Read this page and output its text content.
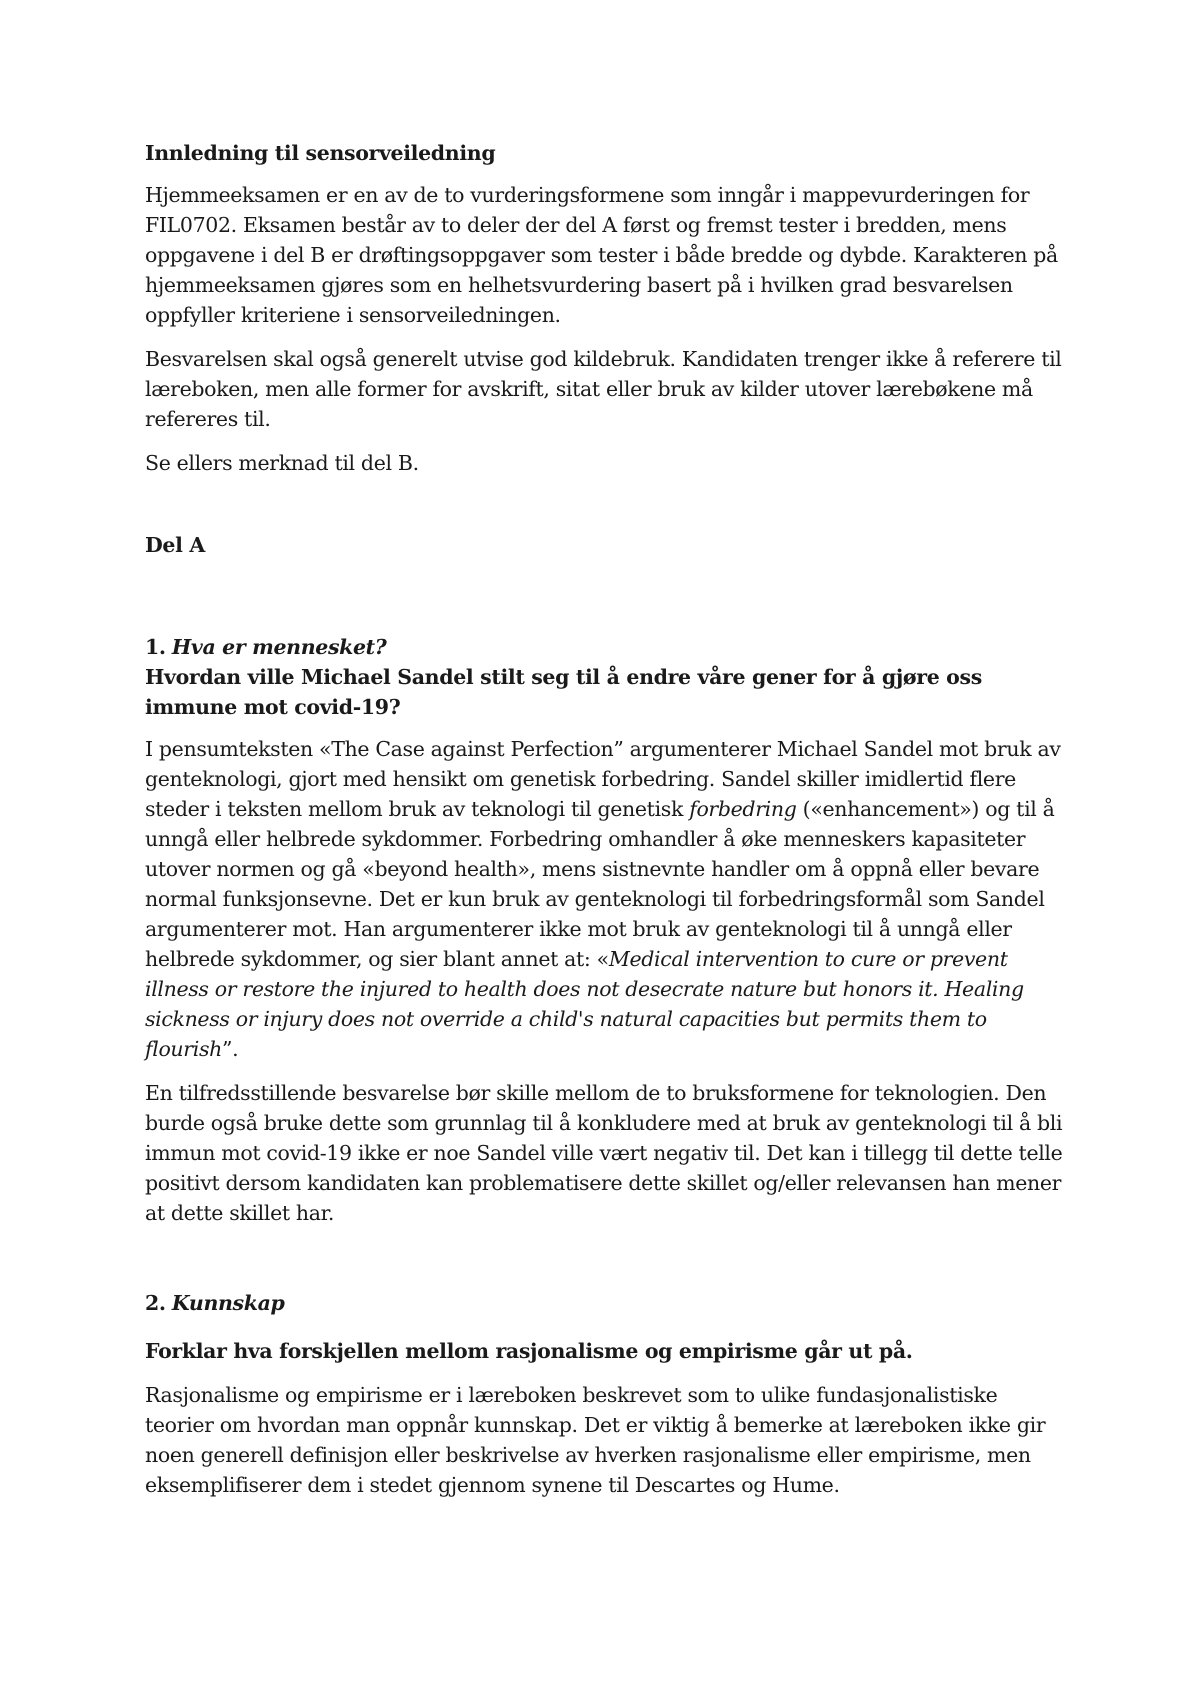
Innledning til sensorveiledning

Hjemmeeksamen er en av de to vurderingsformene som inngår i mappevurderingen for FIL0702. Eksamen består av to deler der del A først og fremst tester i bredden, mens oppgavene i del B er drøftingsoppgaver som tester i både bredde og dybde. Karakteren på hjemmeeksamen gjøres som en helhetsvurdering basert på i hvilken grad besvarelsen oppfyller kriteriene i sensorveiledningen.

Besvarelsen skal også generelt utvise god kildebruk. Kandidaten trenger ikke å referere til læreboken, men alle former for avskrift, sitat eller bruk av kilder utover lærebøkene må refereres til.

Se ellers merknad til del B.

Del A

1. Hva er mennesket?

Hvordan ville Michael Sandel stilt seg til å endre våre gener for å gjøre oss immune mot covid-19?

I pensumteksten «The Case against Perfection” argumenterer Michael Sandel mot bruk av genteknologi, gjort med hensikt om genetisk forbedring. Sandel skiller imidlertid flere steder i teksten mellom bruk av teknologi til genetisk forbedring («enhancement») og til å unngå eller helbrede sykdommer. Forbedring omhandler å øke menneskers kapasiteter utover normen og gå «beyond health», mens sistnevnte handler om å oppnå eller bevare normal funksjonsevne. Det er kun bruk av genteknologi til forbedringsformål som Sandel argumenterer mot. Han argumenterer ikke mot bruk av genteknologi til å unngå eller helbrede sykdommer, og sier blant annet at: «Medical intervention to cure or prevent illness or restore the injured to health does not desecrate nature but honors it. Healing sickness or injury does not override a child's natural capacities but permits them to flourish”.

En tilfredsstillende besvarelse bør skille mellom de to bruksformene for teknologien. Den burde også bruke dette som grunnlag til å konkludere med at bruk av genteknologi til å bli immun mot covid-19 ikke er noe Sandel ville vært negativ til. Det kan i tillegg til dette telle positivt dersom kandidaten kan problematisere dette skillet og/eller relevansen han mener at dette skillet har.

2. Kunnskap

Forklar hva forskjellen mellom rasjonalisme og empirisme går ut på.

Rasjonalisme og empirisme er i læreboken beskrevet som to ulike fundasjonalistiske teorier om hvordan man oppnår kunnskap. Det er viktig å bemerke at læreboken ikke gir noen generell definisjon eller beskrivelse av hverken rasjonalisme eller empirisme, men eksemplifiserer dem i stedet gjennom synene til Descartes og Hume.
